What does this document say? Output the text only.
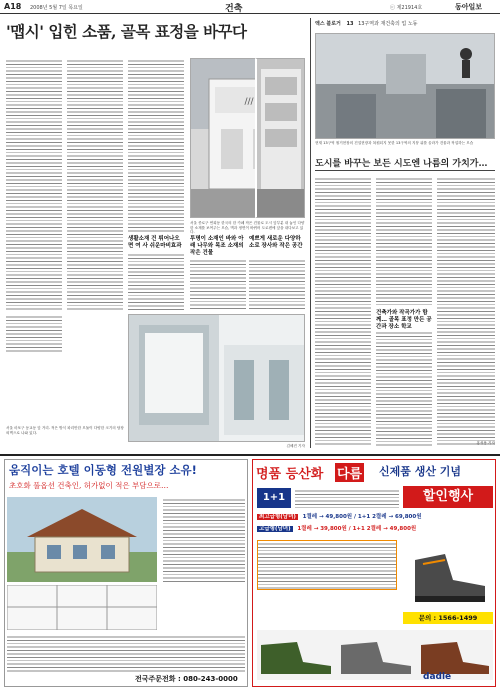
A18 2008년 5월 7일 목요일	건축	ⓒ 제21914호	동아일보
'맵시' 입힌 소품, 골목 표정을 바꾸다
생활소재 건 튀어나오면 여 사 쉬운마비효과
///
서울 종로구 연희동 한국의 한 카페 작은 건물로 도시 앞부분 내 놓인 다양한 소재를 보여주는 모습, 벽과 정면이 바뀌어 도로변에 앞을 내다보고 있다.
투명이 소재인 바와 아래 나무와 목조 소재의 작은 건물
예쁘게 새로운 다양하 소로 장사와 작은 공간
서울 마포구 동교동 앞 거리. 적은 방식 파리만한 모듈이 다양한 크기의 담장 외벽으로 나와 있다.
김혜진 기자
엑스 블로거 13 13구역과 재건축의 업 노동
현재 13구역 철거현장의 건설현장과 복원되지 못한 13구역의 지붕 위를 올라가 건물과 작업하는 모습
도시를 바꾸는 보든 시도엔 나름의 가치가…
건축가와 작곡가가 함께… 골목 표정 만든 공간과 장소 학교
홍성용 기자
움직이는 호텔 이동형 전원별장 소유!
초호화 풀옵션 건축인, 허가없이 적은 부담으로…
전국주문전화 : 080-243-0000
명품 등산화 다름 신제품 생산 기념
1+1	할인행사
최고급형(남녀) 1켤레 → 49,800원 / 1+1 2켤레 → 69,800원
고급형(남녀) 1켤레 → 39,800원 / 1+1 2켤레 → 49,800원
문의 : 1566-1499
dadle
